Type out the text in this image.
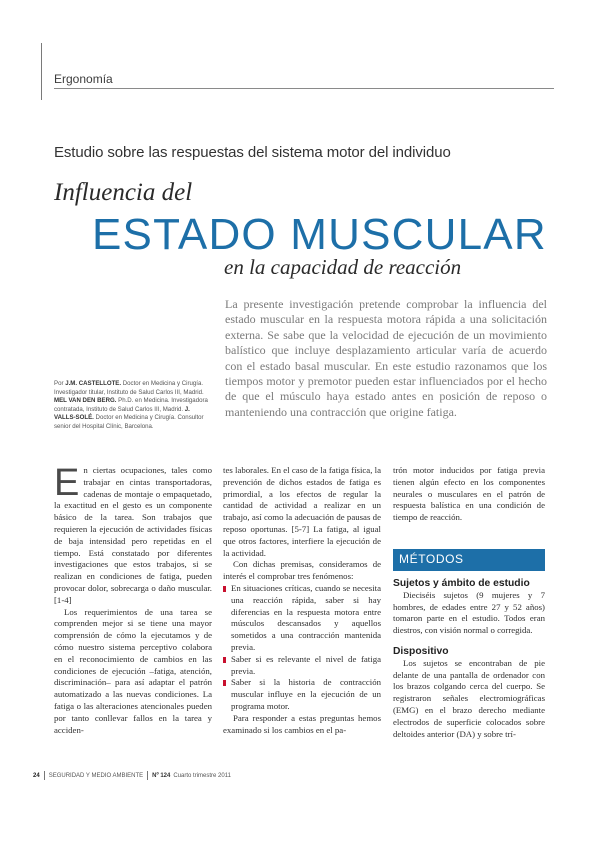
Ergonomía
Estudio sobre las respuestas del sistema motor del individuo
Influencia del
ESTADO MUSCULAR
en la capacidad de reacción

La presente investigación pretende comprobar la influencia del estado muscular en la respuesta motora rápida a una solicitación externa. Se sabe que la velocidad de ejecución de un movimiento balístico que incluye desplazamiento articular varía de acuerdo con el estado basal muscular. En este estudio razonamos que los tiempos motor y premotor pueden estar influenciados por el hecho de que el músculo haya estado antes en posición de reposo o manteniendo una contracción que origine fatiga.

Por J.M. CASTELLOTE. Doctor en Medicina y Cirugía. Investigador titular, Instituto de Salud Carlos III, Madrid. MEL VAN DEN BERG. Ph.D. en Medicina. Investigadora contratada, Instituto de Salud Carlos III, Madrid. J. VALLS-SOLÉ. Doctor en Medicina y Cirugía. Consultor senior del Hospital Clínic, Barcelona.

En ciertas ocupaciones, tales como trabajar en cintas transportadoras, cadenas de montaje o empaquetado, la exactitud en el gesto es un componente básico de la tarea. Son trabajos que requieren la ejecución de actividades físicas de baja intensidad pero repetidas en el tiempo. Está constatado por diferentes investigaciones que estos trabajos, si se realizan en condiciones de fatiga, pueden provocar dolor, sobrecarga o daño muscular. [1-4]

Los requerimientos de una tarea se comprenden mejor si se tiene una mayor comprensión de cómo la ejecutamos y de cómo nuestro sistema perceptivo colabora en el reconocimiento de cambios en las condiciones de ejecución –fatiga, atención, discriminación– para así adaptar el patrón automatizado a las nuevas condiciones. La fatiga o las alteraciones atencionales pueden por tanto conllevar fallos en la tarea y acciden-

tes laborales. En el caso de la fatiga física, la prevención de dichos estados de fatiga es primordial, a los efectos de regular la cantidad de actividad a realizar en un trabajo, así como la adecuación de pausas de reposo oportunas. [5-7] La fatiga, al igual que otros factores, interfiere la ejecución de la actividad.

Con dichas premisas, consideramos de interés el comprobar tres fenómenos:

En situaciones críticas, cuando se necesita una reacción rápida, saber si hay diferencias en la respuesta motora entre músculos descansados y aquellos sometidos a una contracción mantenida previa.

Saber si es relevante el nivel de fatiga previa.

Saber si la historia de contracción muscular influye en la ejecución de un programa motor.

Para responder a estas preguntas hemos examinado si los cambios en el pa-

trón motor inducidos por fatiga previa tienen algún efecto en los componentes neurales o musculares en el patrón de respuesta balística en una condición de tiempo de reacción.

MÉTODOS

Sujetos y ámbito de estudio

Dieciséis sujetos (9 mujeres y 7 hombres, de edades entre 27 y 52 años) tomaron parte en el estudio. Todos eran diestros, con visión normal o corregida.

Dispositivo

Los sujetos se encontraban de pie delante de una pantalla de ordenador con los brazos colgando cerca del cuerpo. Se registraron señales electromiográficas (EMG) en el brazo derecho mediante electrodos de superficie colocados sobre deltoides anterior (DA) y sobre trí-

24 SEGURIDAD Y MEDIO AMBIENTE Nº 124 Cuarto trimestre 2011
